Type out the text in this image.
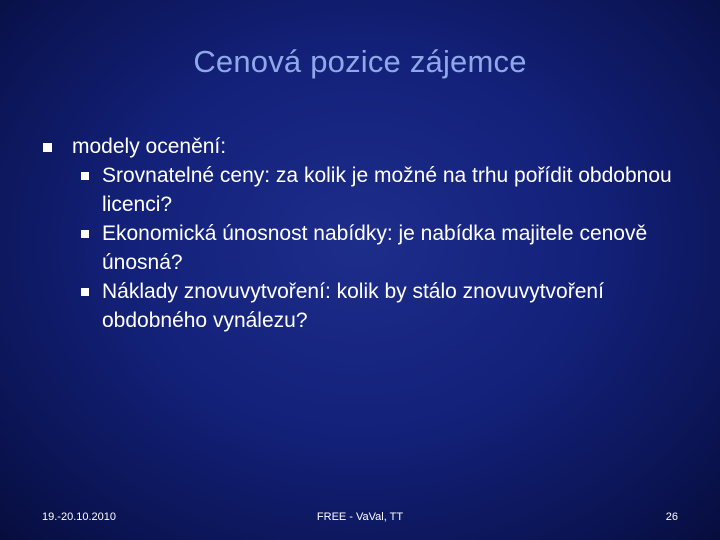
Cenová pozice zájemce
modely ocenění:
Srovnatelné ceny: za kolik je možné na trhu pořídit obdobnou licenci?
Ekonomická únosnost nabídky: je nabídka majitele cenově únosná?
Náklady znovuvytvoření: kolik by stálo znovuvytvoření obdobného vynálezu?
19.-20.10.2010	FREE - VaVal, TT	26
